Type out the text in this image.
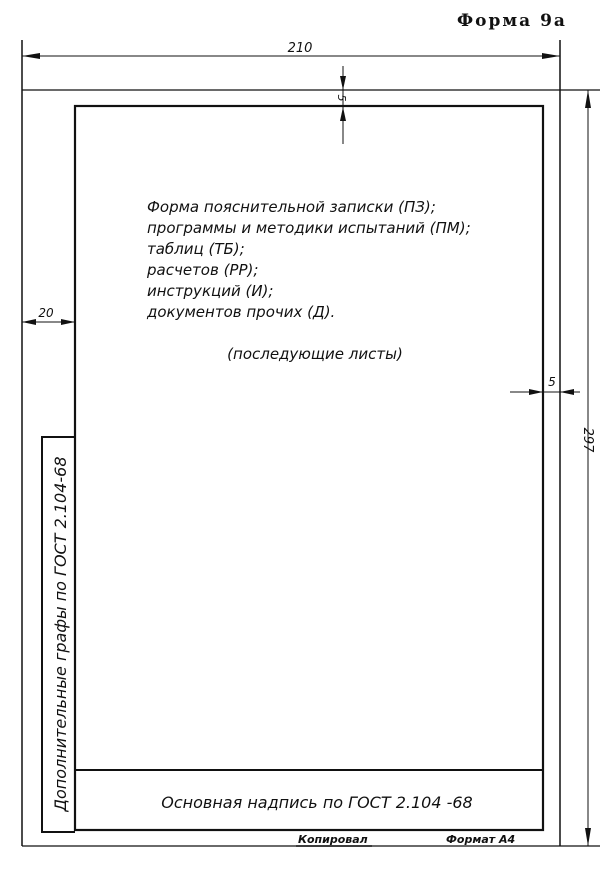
Форма 9а
210
297
5
5
20
Дополнительные графы по ГОСТ 2.104-68
Форма пояснительной записки (ПЗ);
программы и методики испытаний (ПМ);
таблиц (ТБ);
расчетов (РР);
инструкций (И);
документов прочих (Д).
(последующие листы)
Основная надпись по ГОСТ 2.104 -68
Копировал	Формат А4
